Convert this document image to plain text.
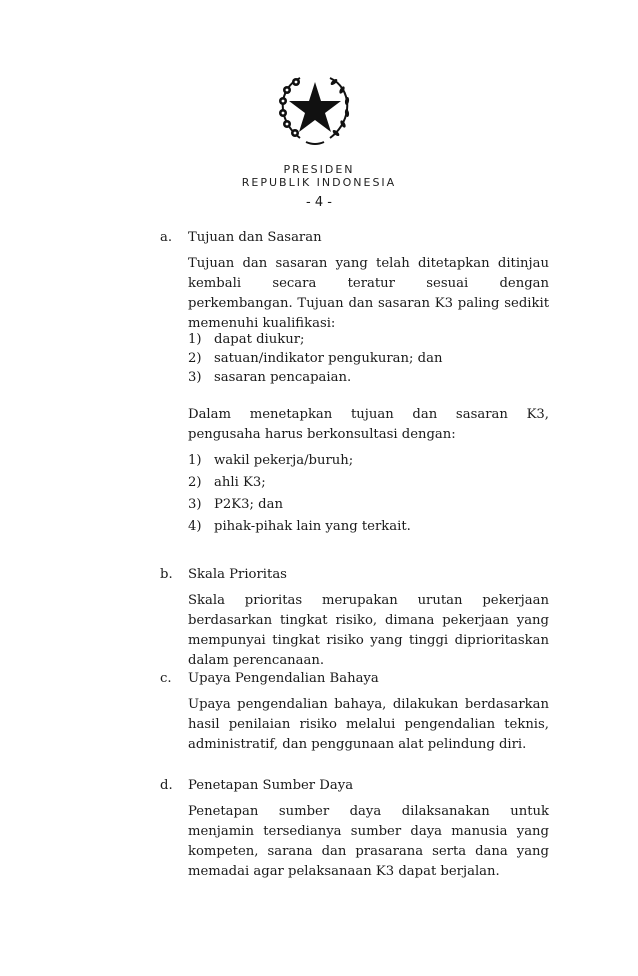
PRESIDEN
REPUBLIK INDONESIA
- 4 -
a. Tujuan dan Sasaran
Tujuan dan sasaran yang telah ditetapkan ditinjau kembali secara teratur sesuai dengan perkembangan. Tujuan dan sasaran K3 paling sedikit memenuhi kualifikasi:
1) dapat diukur;
2) satuan/indikator pengukuran; dan
3) sasaran pencapaian.
Dalam menetapkan tujuan dan sasaran K3, pengusaha harus berkonsultasi dengan:
1) wakil pekerja/buruh;
2) ahli K3;
3) P2K3; dan
4) pihak-pihak lain yang terkait.
b. Skala Prioritas
Skala prioritas merupakan urutan pekerjaan berdasarkan tingkat risiko, dimana pekerjaan yang mempunyai tingkat risiko yang tinggi diprioritaskan dalam perencanaan.
c. Upaya Pengendalian Bahaya
Upaya pengendalian bahaya, dilakukan berdasarkan hasil penilaian risiko melalui pengendalian teknis, administratif, dan penggunaan alat pelindung diri.
d. Penetapan Sumber Daya
Penetapan sumber daya dilaksanakan untuk menjamin tersedianya sumber daya manusia yang kompeten, sarana dan prasarana serta dana yang memadai agar pelaksanaan K3 dapat berjalan.
